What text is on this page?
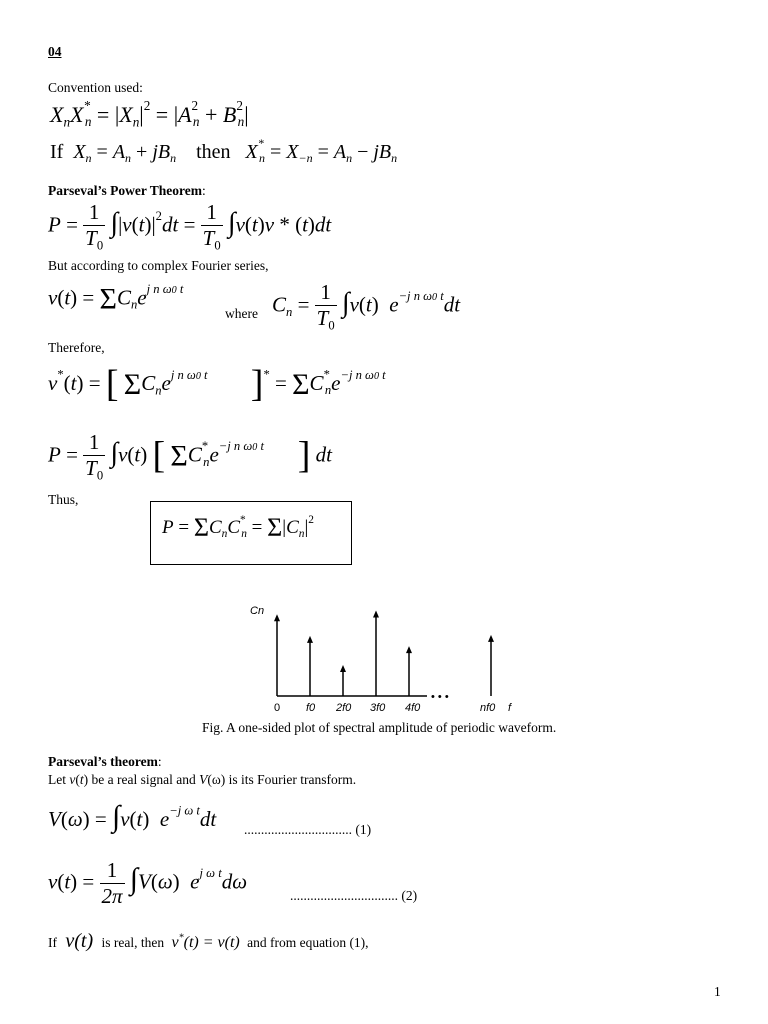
04
Convention used:
$X_nX^*_n = |X_n|^2 = |A^2_n + B^2_n|$
If  $X_n = A_n + jB_n$    then   $X^*_n = X_{-n} = A_n - jB_n$
Parseval’s Power Theorem:
$P = \frac{1}{T_0} \int|v(t)|^2dt = \frac{1}{T_0} \int v(t)v * (t)dt$
But according to complex Fourier series,
$v(t) = \Sigma C_ne^{j n \omega 0 t}$
where $C_n = \frac{1}{T_0} \int v(t)$  $e^{-j n \omega 0 t}dt$
Therefore,
v*(t) = [ $\Sigma C_ne^{j n \omega 0 t}$     ]$^* = \Sigma C^*_ne^{-j n \omega 0 t}$
$P = \frac{1}{T_0} \int v(t)$ [ $\Sigma C^*_ne^{-j n \omega 0 t}$    ] dt
Thus,
$P = \Sigma C_nC^*_n = \Sigma|C_n|^2$
Cn
0 f0 2f0 3f0 4f0	nf0 f
• • •
Fig. A one-sided plot of spectral amplitude of periodic waveform.
Parseval’s theorem:
Let v(t) be a real signal and V(ω) is its Fourier transform.
V(ω) = ∫v(t)  $e^{-j \omega t}dt$ ................................ (1)
$v(t) = \frac{1}{2\pi} \int V(\omega)$  $e^{j \omega t}d\omega$
................................ (2)
If  v(t)  is real, then  v*(t) = v(t)  and from equation (1),
1
